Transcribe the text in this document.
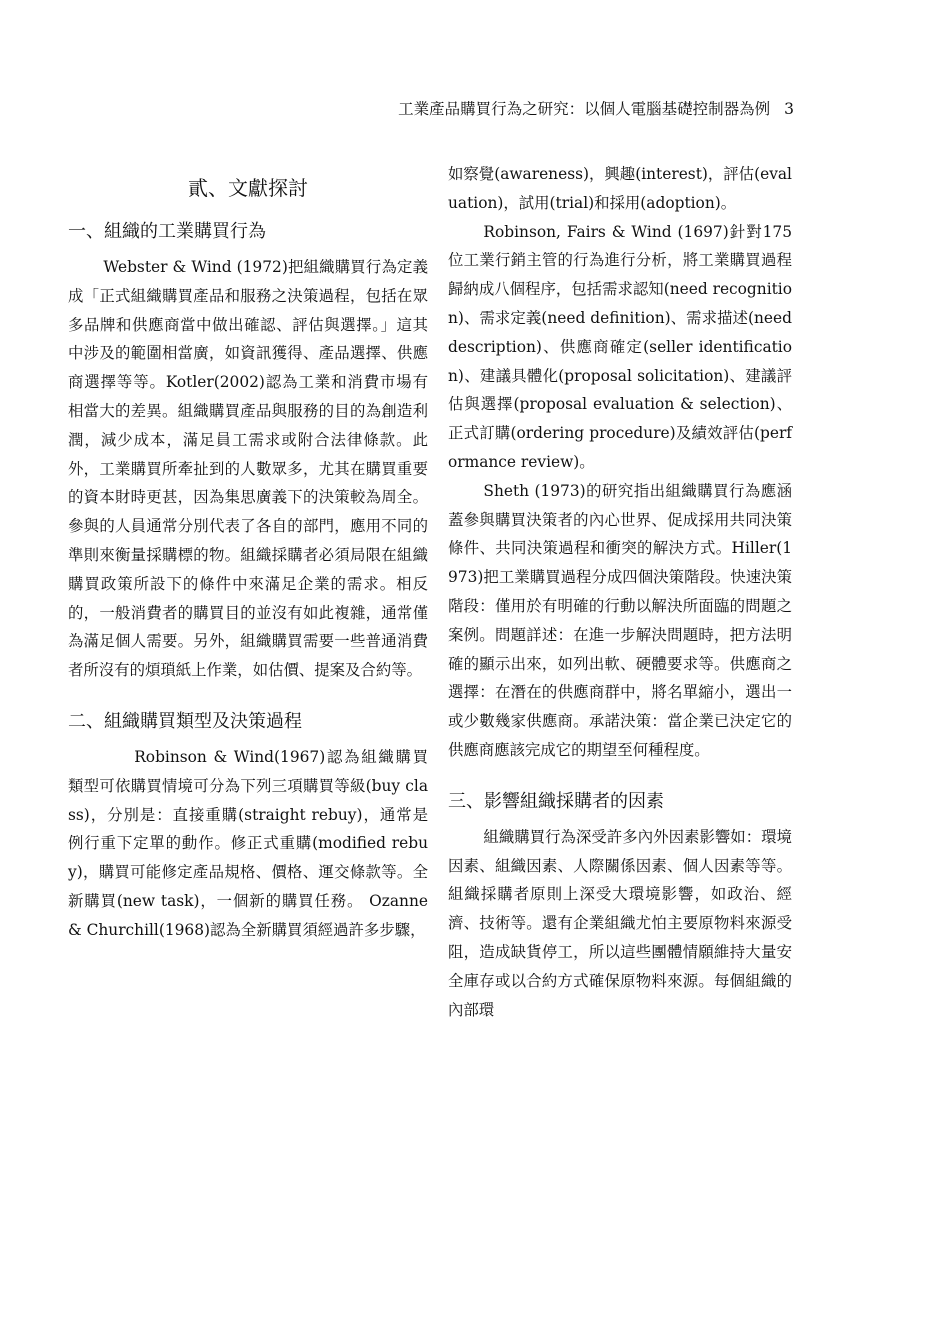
工業產品購買行為之研究：以個人電腦基礎控制器為例 3
貳、文獻探討
一、組織的工業購買行為

Webster & Wind (1972)把組織購買行為定義成「正式組織購買產品和服務之決策過程，包括在眾多品牌和供應商當中做出確認、評估與選擇。」這其中涉及的範圍相當廣，如資訊獲得、產品選擇、供應商選擇等等。Kotler(2002)認為工業和消費市場有相當大的差異。組織購買產品與服務的目的為創造利潤，減少成本，滿足員工需求或附合法律條款。此外，工業購買所牽扯到的人數眾多，尤其在購買重要的資本財時更甚，因為集思廣義下的決策較為周全。參與的人員通常分別代表了各自的部門，應用不同的準則來衡量採購標的物。組織採購者必須局限在組織購買政策所設下的條件中來滿足企業的需求。相反的，一般消費者的購買目的並沒有如此複雜，通常僅為滿足個人需要。另外，組織購買需要一些普通消費者所沒有的煩瑣紙上作業，如估價、提案及合約等。

二、組織購買類型及決策過程

Robinson & Wind(1967)認為組織購買類型可依購買情境可分為下列三項購買等級(buy class)，分別是：直接重購(straight rebuy)，通常是例行重下定單的動作。修正式重購(modified rebuy)，購買可能修定產品規格、價格、運交條款等。全新購買(new task)，一個新的購買任務。 Ozanne & Churchill(1968)認為全新購買須經過許多步驟，

如察覺(awareness)，興趣(interest)，評估(evaluation)，試用(trial)和採用(adoption)。

Robinson, Fairs & Wind (1697)針對175位工業行銷主管的行為進行分析，將工業購買過程歸納成八個程序，包括需求認知(need recognition)、需求定義(need definition)、需求描述(need description)、供應商確定(seller identification)、建議具體化(proposal solicitation)、建議評估與選擇(proposal evaluation & selection)、正式訂購(ordering procedure)及績效評估(performance review)。

Sheth (1973)的研究指出組織購買行為應涵蓋參與購買決策者的內心世界、促成採用共同決策條件、共同決策過程和衝突的解決方式。Hiller(1973)把工業購買過程分成四個決策階段。快速決策階段：僅用於有明確的行動以解決所面臨的問題之案例。問題詳述：在進一步解決問題時，把方法明確的顯示出來，如列出軟、硬體要求等。供應商之選擇：在潛在的供應商群中，將名單縮小，選出一或少數幾家供應商。承諾決策：當企業已決定它的供應商應該完成它的期望至何種程度。

三、影響組織採購者的因素

組織購買行為深受許多內外因素影響如：環境因素、組織因素、人際關係因素、個人因素等等。組織採購者原則上深受大環境影響，如政治、經濟、技術等。還有企業組織尤怕主要原物料來源受阻，造成缺貨停工，所以這些團體情願維持大量安全庫存或以合約方式確保原物料來源。每個組織的內部環
